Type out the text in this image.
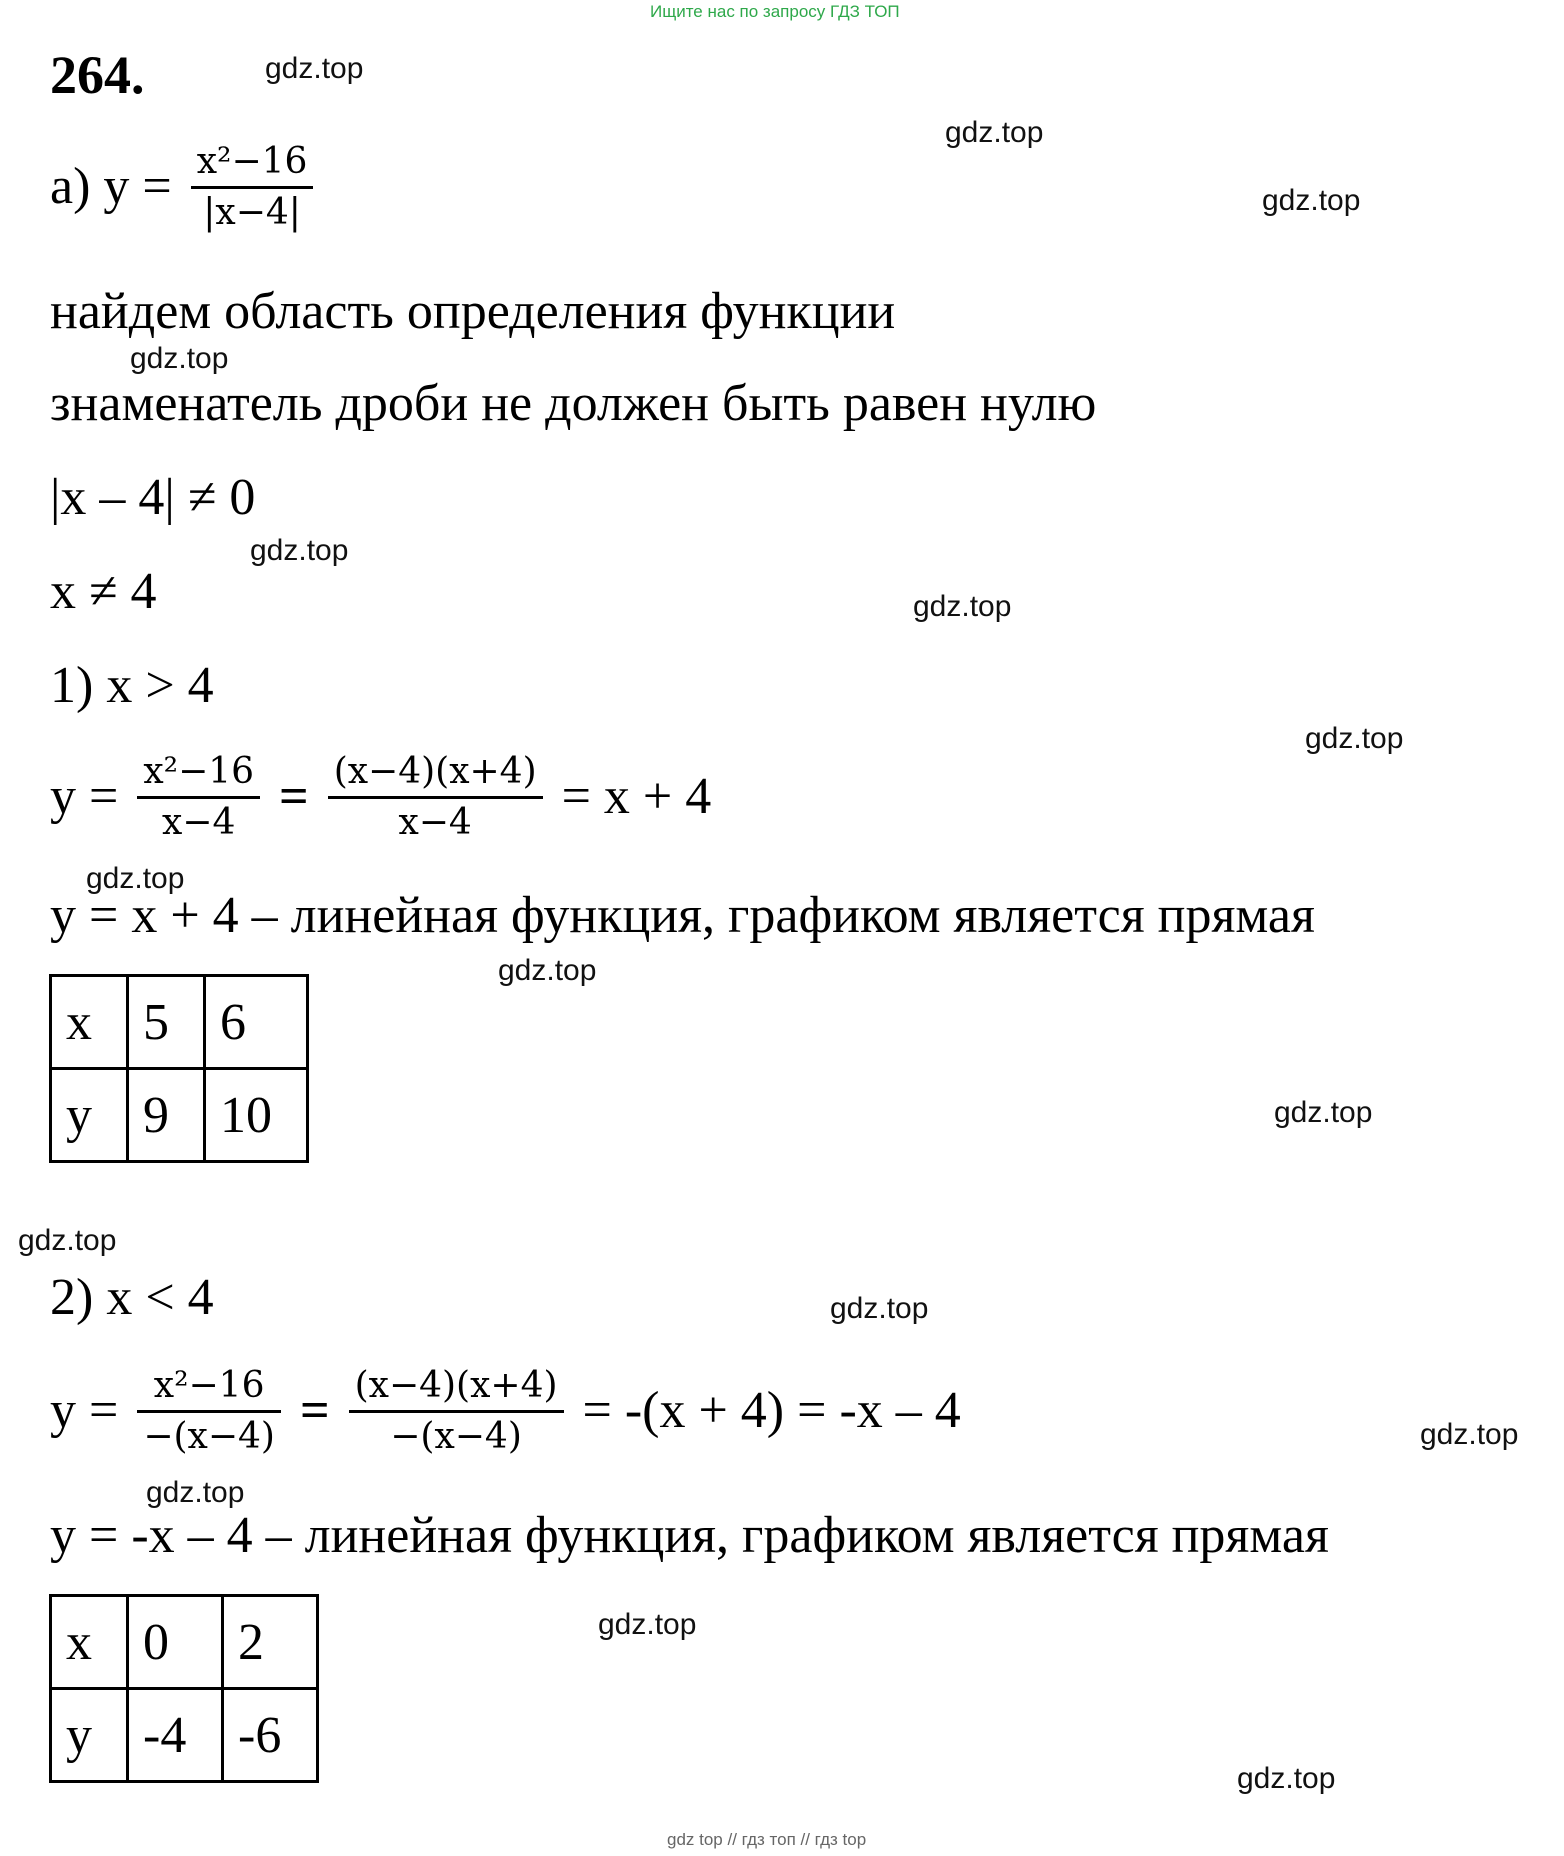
Ищите нас по запросу ГДЗ ТОП
264.
а) $y = \frac{\text{x²−16}}{|x-4|}$
найдем область определения функции
знаменатель дроби не должен быть равен нулю
|x – 4| ≠ 0
x ≠ 4
1) x > 4
$y = \frac{\text{x²−16}}{x-4} = \frac{(x-4)(x+4)}{x-4} = x + 4$
y = x + 4 – линейная функция, графиком является прямая
x	5	6
y	9	10
2) x < 4
$y = \frac{\text{x²−16}}{-(x-4)} = \frac{(x-4)(x+4)}{-(x-4)} = -(x + 4) = -x - 4$
y = -x – 4 – линейная функция, графиком является прямая
x	0	2
y	-4	-6
gdz.top
gdz.top
gdz.top
gdz.top
gdz.top
gdz.top
gdz.top
gdz.top
gdz.top
gdz.top
gdz.top
gdz.top
gdz.top
gdz.top
gdz.top
gdz.top
gdz top // гдз топ // гдз top
